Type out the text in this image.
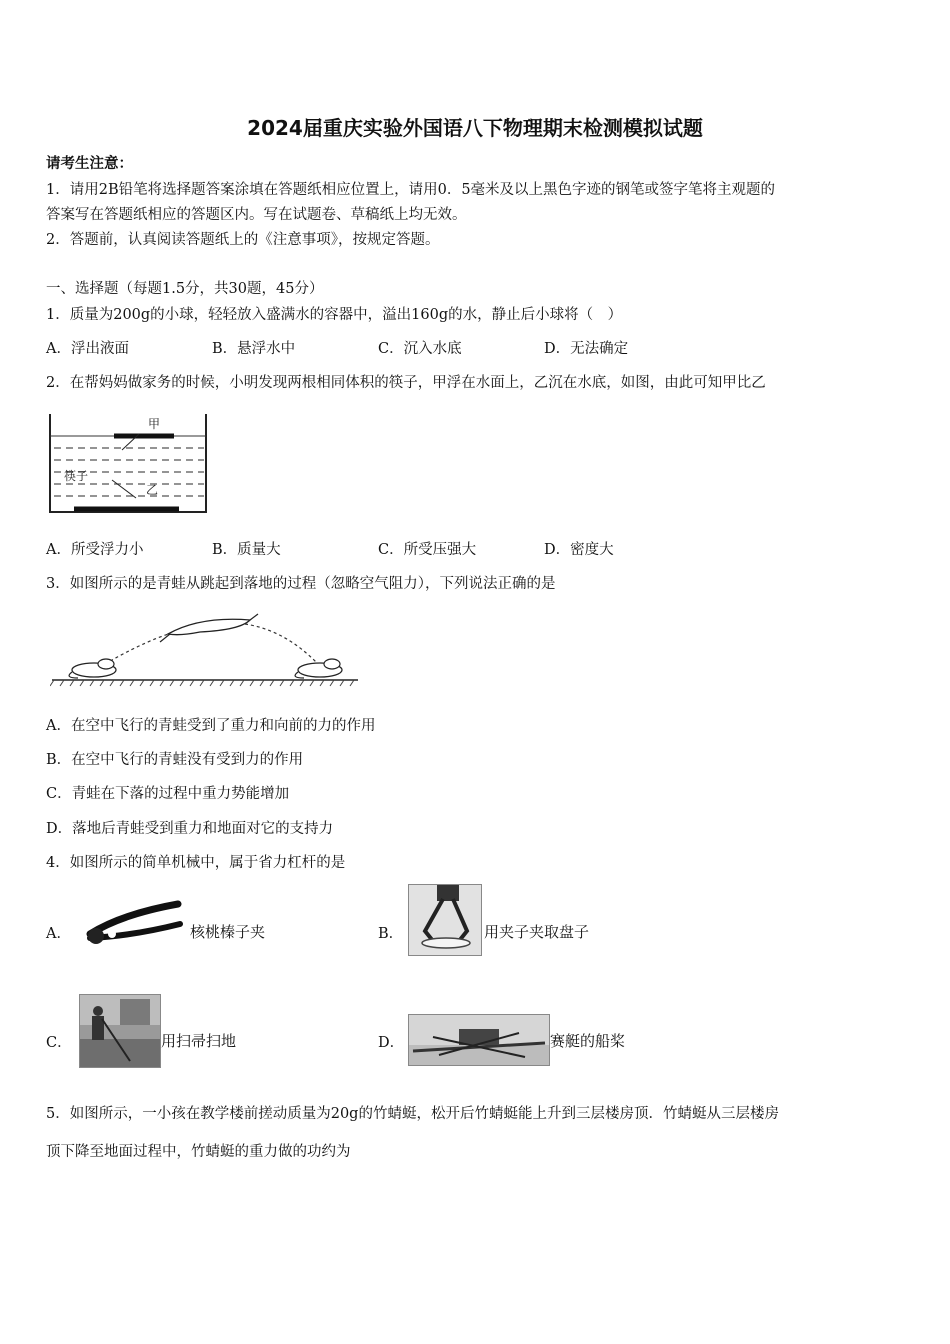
2024届重庆实验外国语八下物理期末检测模拟试题
请考生注意：
1．请用2B铅笔将选择题答案涂填在答题纸相应位置上，请用0．5毫米及以上黑色字迹的钢笔或签字笔将主观题的
答案写在答题纸相应的答题区内。写在试题卷、草稿纸上均无效。
2．答题前，认真阅读答题纸上的《注意事项》，按规定答题。
一、选择题（每题1.5分，共30题，45分）
1．质量为200g的小球，轻轻放入盛满水的容器中，溢出160g的水，静止后小球将（　）
A．浮出液面	B．悬浮水中	C．沉入水底	D．无法确定
2．在帮妈妈做家务的时候，小明发现两根相同体积的筷子，甲浮在水面上，乙沉在水底，如图，由此可知甲比乙
甲
筷子
乙
A．所受浮力小	B．质量大	C．所受压强大	D．密度大
3．如图所示的是青蛙从跳起到落地的过程（忽略空气阻力），下列说法正确的是
A．在空中飞行的青蛙受到了重力和向前的力的作用
B．在空中飞行的青蛙没有受到力的作用
C．青蛙在下落的过程中重力势能增加
D．落地后青蛙受到重力和地面对它的支持力
4．如图所示的简单机械中，属于省力杠杆的是
A．	核桃榛子夹	B．	用夹子夹取盘子
C．	用扫帚扫地	D．	赛艇的船桨
5．如图所示，一小孩在教学楼前搓动质量为20g的竹蜻蜓，松开后竹蜻蜓能上升到三层楼房顶．竹蜻蜓从三层楼房
顶下降至地面过程中，竹蜻蜓的重力做的功约为
